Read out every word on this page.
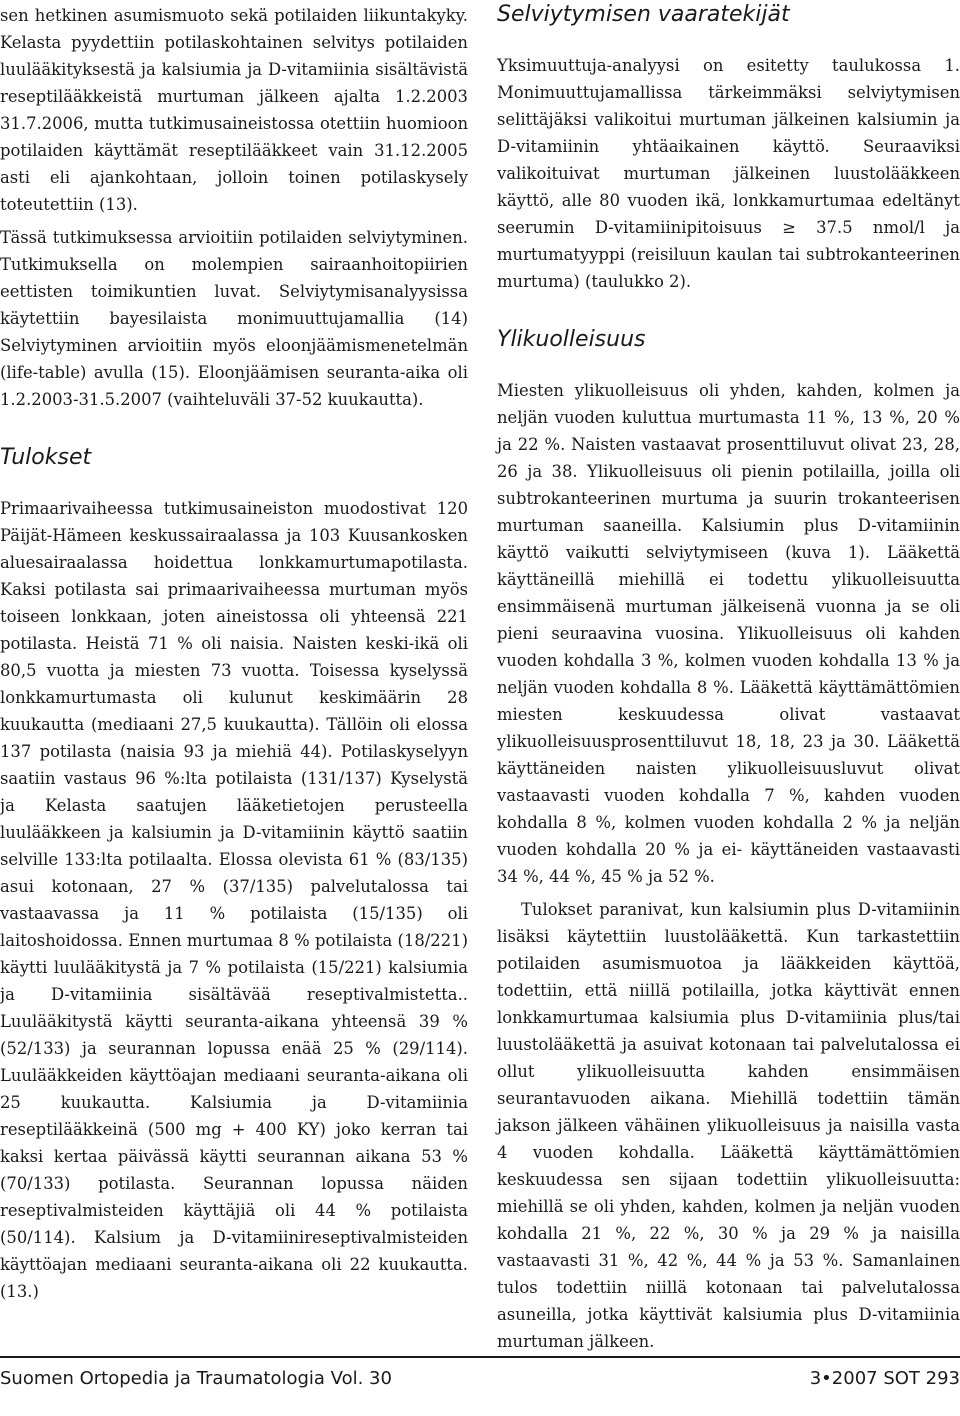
sen hetkinen asumismuoto sekä potilaiden liikuntakyky. Kelasta pyydettiin potilaskohtainen selvitys potilaiden luulääkityksestä ja kalsiumia ja D-vitamiinia sisältävistä reseptilääkkeistä murtuman jälkeen ajalta 1.2.2003 31.7.2006, mutta tutkimusaineistossa otettiin huomioon potilaiden käyttämät reseptilääkkeet vain 31.12.2005 asti eli ajankohtaan, jolloin toinen potilaskysely toteutettiin (13).

Tässä tutkimuksessa arvioitiin potilaiden selviytyminen. Tutkimuksella on molempien sairaanhoitopiirien eettisten toimikuntien luvat. Selviytymisanalyysissa käytettiin bayesilaista monimuuttujamallia (14) Selviytyminen arvioitiin myös eloonjäämismenetelmän (life-table) avulla (15). Eloonjäämisen seuranta-aika oli 1.2.2003-31.5.2007 (vaihteluväli 37-52 kuukautta).

Tulokset

Primaarivaiheessa tutkimusaineiston muodostivat 120 Päijät-Hämeen keskussairaalassa ja 103 Kuusankosken aluesairaalassa hoidettua lonkkamurtumapotilasta. Kaksi potilasta sai primaarivaiheessa murtuman myös toiseen lonkkaan, joten aineistossa oli yhteensä 221 potilasta. Heistä 71 % oli naisia. Naisten keski-ikä oli 80,5 vuotta ja miesten 73 vuotta. Toisessa kyselyssä lonkkamurtumasta oli kulunut keskimäärin 28 kuukautta (mediaani 27,5 kuukautta). Tällöin oli elossa 137 potilasta (naisia 93 ja miehiä 44). Potilaskyselyyn saatiin vastaus 96 %:lta potilaista (131/137) Kyselystä ja Kelasta saatujen lääketietojen perusteella luulääkkeen ja kalsiumin ja D-vitamiinin käyttö saatiin selville 133:lta potilaalta. Elossa olevista 61 % (83/135) asui kotonaan, 27 % (37/135) palvelutalossa tai vastaavassa ja 11 % potilaista (15/135) oli laitoshoidossa. Ennen murtumaa 8 % potilaista (18/221) käytti luulääkitystä ja 7 % potilaista (15/221) kalsiumia ja D-vitamiinia sisältävää reseptivalmistetta.. Luulääkitystä käytti seuranta-aikana yhteensä 39 % (52/133) ja seurannan lopussa enää 25 % (29/114). Luulääkkeiden käyttöajan mediaani seuranta-aikana oli 25 kuukautta. Kalsiumia ja D-vitamiinia reseptilääkkeinä (500 mg + 400 KY) joko kerran tai kaksi kertaa päivässä käytti seurannan aikana 53 % (70/133) potilasta. Seurannan lopussa näiden reseptivalmisteiden käyttäjiä oli 44 % potilaista (50/114). Kalsium ja D-vitamiinireseptivalmisteiden käyttöajan mediaani seuranta-aikana oli 22 kuukautta.(13.)

Selviytymisen vaaratekijät

Yksimuuttuja-analyysi on esitetty taulukossa 1. Monimuuttujamallissa tärkeimmäksi selviytymisen selittäjäksi valikoitui murtuman jälkeinen kalsiumin ja D-vitamiinin yhtäaikainen käyttö. Seuraaviksi valikoituivat murtuman jälkeinen luustolääkkeen käyttö, alle 80 vuoden ikä, lonkkamurtumaa edeltänyt seerumin D-vitamiinipitoisuus ≥ 37.5 nmol/l ja murtumatyyppi (reisiluun kaulan tai subtrokanteerinen murtuma) (taulukko 2).

Ylikuolleisuus

Miesten ylikuolleisuus oli yhden, kahden, kolmen ja neljän vuoden kuluttua murtumasta 11 %, 13 %, 20 % ja 22 %. Naisten vastaavat prosenttiluvut olivat 23, 28, 26 ja 38. Ylikuolleisuus oli pienin potilailla, joilla oli subtrokanteerinen murtuma ja suurin trokanteerisen murtuman saaneilla. Kalsiumin plus D-vitamiinin käyttö vaikutti selviytymiseen (kuva 1). Lääkettä käyttäneillä miehillä ei todettu ylikuolleisuutta ensimmäisenä murtuman jälkeisenä vuonna ja se oli pieni seuraavina vuosina. Ylikuolleisuus oli kahden vuoden kohdalla 3 %, kolmen vuoden kohdalla 13 % ja neljän vuoden kohdalla 8 %. Lääkettä käyttämättömien miesten keskuudessa olivat vastaavat ylikuolleisuusprosenttiluvut 18, 18, 23 ja 30. Lääkettä käyttäneiden naisten ylikuolleisuusluvut olivat vastaavasti vuoden kohdalla 7 %, kahden vuoden kohdalla 8 %, kolmen vuoden kohdalla 2 % ja neljän vuoden kohdalla 20 % ja ei- käyttäneiden vastaavasti 34 %, 44 %, 45 % ja 52 %.

Tulokset paranivat, kun kalsiumin plus D-vitamiinin lisäksi käytettiin luustolääkettä. Kun tarkastettiin potilaiden asumismuotoa ja lääkkeiden käyttöä, todettiin, että niillä potilailla, jotka käyttivät ennen lonkkamurtumaa kalsiumia plus D-vitamiinia plus/tai luustolääkettä ja asuivat kotonaan tai palvelutalossa ei ollut ylikuolleisuutta kahden ensimmäisen seurantavuoden aikana. Miehillä todettiin tämän jakson jälkeen vähäinen ylikuolleisuus ja naisilla vasta 4 vuoden kohdalla. Lääkettä käyttämättömien keskuudessa sen sijaan todettiin ylikuolleisuutta: miehillä se oli yhden, kahden, kolmen ja neljän vuoden kohdalla 21 %, 22 %, 30 % ja 29 % ja naisilla vastaavasti 31 %, 42 %, 44 % ja 53 %. Samanlainen tulos todettiin niillä kotonaan tai palvelutalossa asuneilla, jotka käyttivät kalsiumia plus D-vitamiinia murtuman jälkeen.

Suomen Ortopedia ja Traumatologia Vol. 30	3•2007 SOT 293
